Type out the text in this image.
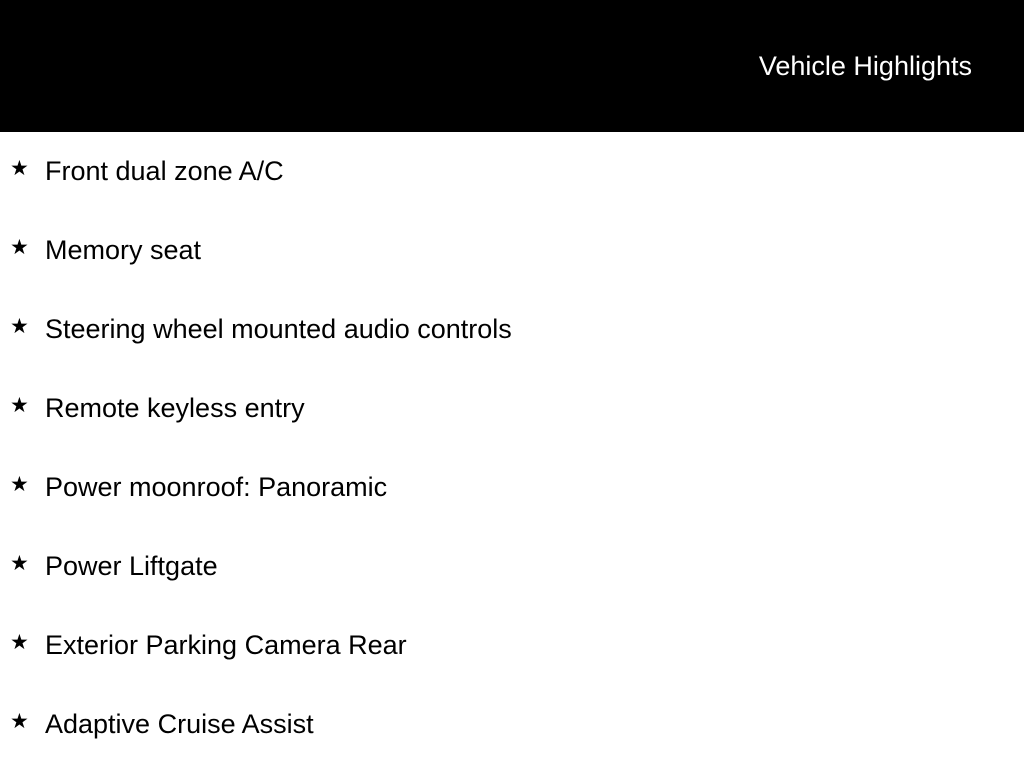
Vehicle Highlights
★ Front dual zone A/C
★ Memory seat
★ Steering wheel mounted audio controls
★ Remote keyless entry
★ Power moonroof: Panoramic
★ Power Liftgate
★ Exterior Parking Camera Rear
★ Adaptive Cruise Assist
